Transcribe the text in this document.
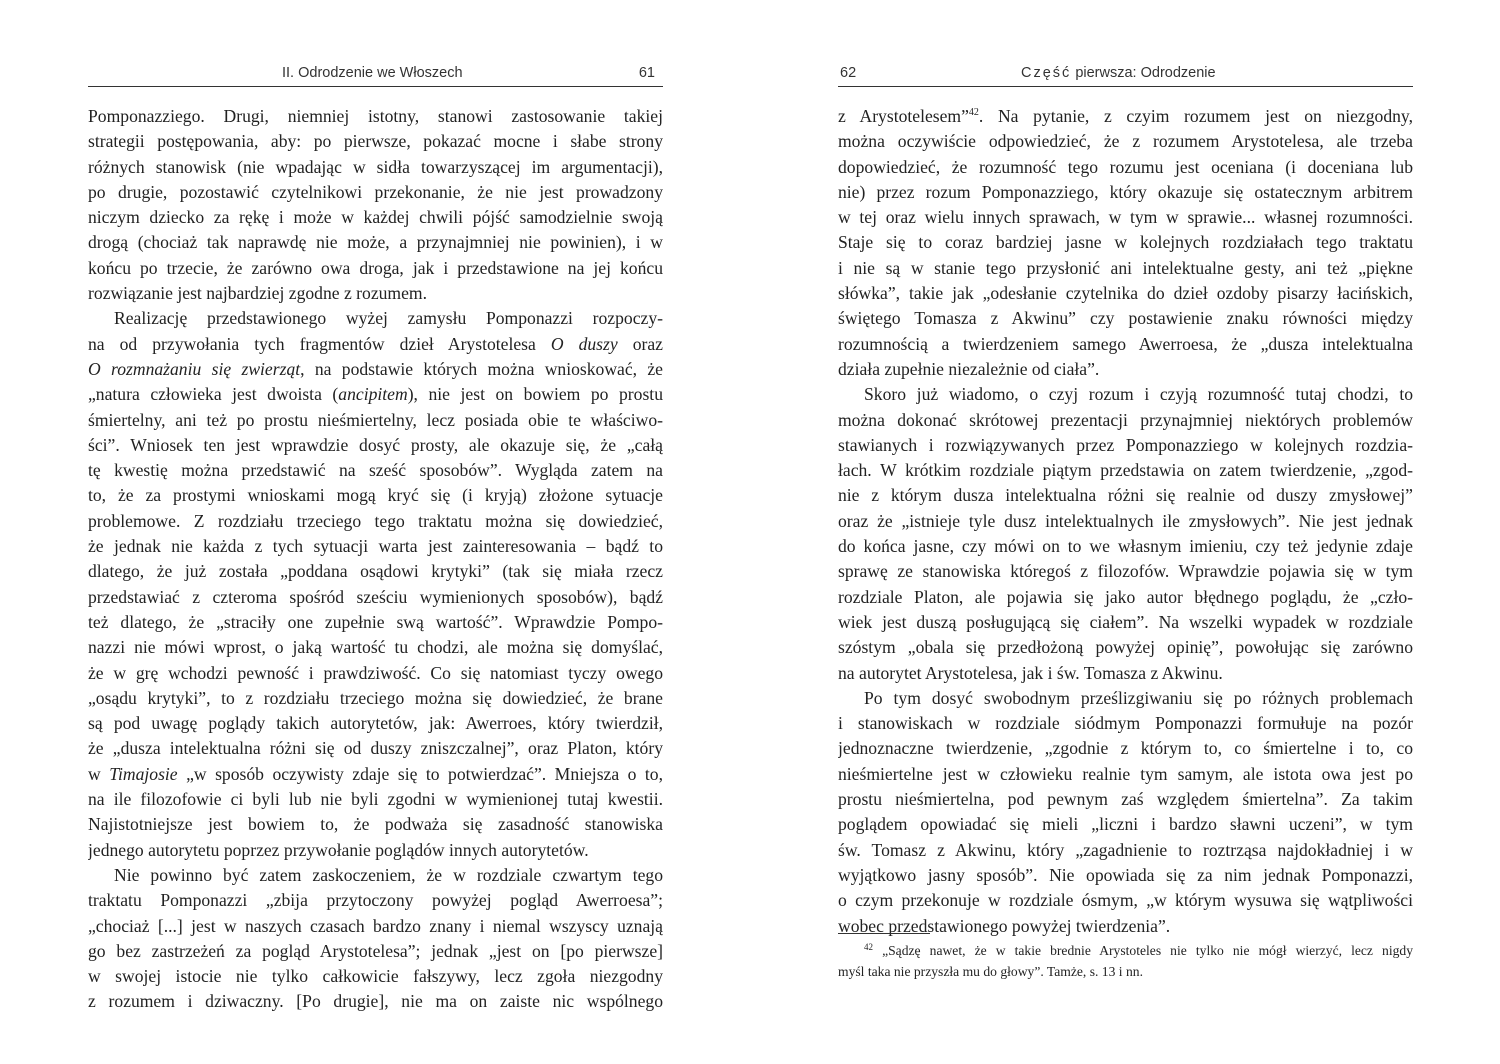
II. Odrodzenie we Włoszech	61
Pomponazziego. Drugi, niemniej istotny, stanowi zastosowanie takiej
strategii postępowania, aby: po pierwsze, pokazać mocne i słabe strony
różnych stanowisk (nie wpadając w sidła towarzyszącej im argumentacji),
po drugie, pozostawić czytelnikowi przekonanie, że nie jest prowadzony
niczym dziecko za rękę i może w każdej chwili pójść samodzielnie swoją
drogą (chociaż tak naprawdę nie może, a przynajmniej nie powinien), i w
końcu po trzecie, że zarówno owa droga, jak i przedstawione na jej końcu
rozwiązanie jest najbardziej zgodne z rozumem.
Realizację przedstawionego wyżej zamysłu Pomponazzi rozpoczy-
na od przywołania tych fragmentów dzieł Arystotelesa O duszy oraz
O rozmnażaniu się zwierząt, na podstawie których można wnioskować, że
„natura człowieka jest dwoista (ancipitem), nie jest on bowiem po prostu
śmiertelny, ani też po prostu nieśmiertelny, lecz posiada obie te właściwo-
ści”. Wniosek ten jest wprawdzie dosyć prosty, ale okazuje się, że „całą
tę kwestię można przedstawić na sześć sposobów”. Wygląda zatem na
to, że za prostymi wnioskami mogą kryć się (i kryją) złożone sytuacje
problemowe. Z rozdziału trzeciego tego traktatu można się dowiedzieć,
że jednak nie każda z tych sytuacji warta jest zainteresowania – bądź to
dlatego, że już została „poddana osądowi krytyki” (tak się miała rzecz
przedstawiać z czteroma spośród sześciu wymienionych sposobów), bądź
też dlatego, że „straciły one zupełnie swą wartość”. Wprawdzie Pompo-
nazzi nie mówi wprost, o jaką wartość tu chodzi, ale można się domyślać,
że w grę wchodzi pewność i prawdziwość. Co się natomiast tyczy owego
„osądu krytyki”, to z rozdziału trzeciego można się dowiedzieć, że brane
są pod uwagę poglądy takich autorytetów, jak: Awerroes, który twierdził,
że „dusza intelektualna różni się od duszy zniszczalnej”, oraz Platon, który
w Timajosie „w sposób oczywisty zdaje się to potwierdzać”. Mniejsza o to,
na ile filozofowie ci byli lub nie byli zgodni w wymienionej tutaj kwestii.
Najistotniejsze jest bowiem to, że podważa się zasadność stanowiska
jednego autorytetu poprzez przywołanie poglądów innych autorytetów.
Nie powinno być zatem zaskoczeniem, że w rozdziale czwartym tego
traktatu Pomponazzi „zbija przytoczony powyżej pogląd Awerroesa”;
„chociaż [...] jest w naszych czasach bardzo znany i niemal wszyscy uznają
go bez zastrzeżeń za pogląd Arystotelesa”; jednak „jest on [po pierwsze]
w swojej istocie nie tylko całkowicie fałszywy, lecz zgoła niezgodny
z rozumem i dziwaczny. [Po drugie], nie ma on zaiste nic wspólnego
62	Część pierwsza: Odrodzenie
z Arystotelesem”$^{42}$. Na pytanie, z czyim rozumem jest on niezgodny,
można oczywiście odpowiedzieć, że z rozumem Arystotelesa, ale trzeba
dopowiedzieć, że rozumność tego rozumu jest oceniana (i doceniana lub
nie) przez rozum Pomponazziego, który okazuje się ostatecznym arbitrem
w tej oraz wielu innych sprawach, w tym w sprawie... własnej rozumności.
Staje się to coraz bardziej jasne w kolejnych rozdziałach tego traktatu
i nie są w stanie tego przysłonić ani intelektualne gesty, ani też „piękne
słówka”, takie jak „odesłanie czytelnika do dzieł ozdoby pisarzy łacińskich,
świętego Tomasza z Akwinu” czy postawienie znaku równości między
rozumnością a twierdzeniem samego Awerroesa, że „dusza intelektualna
działa zupełnie niezależnie od ciała”.
Skoro już wiadomo, o czyj rozum i czyją rozumność tutaj chodzi, to
można dokonać skrótowej prezentacji przynajmniej niektórych problemów
stawianych i rozwiązywanych przez Pomponazziego w kolejnych rozdzia-
łach. W krótkim rozdziale piątym przedstawia on zatem twierdzenie, „zgod-
nie z którym dusza intelektualna różni się realnie od duszy zmysłowej”
oraz że „istnieje tyle dusz intelektualnych ile zmysłowych”. Nie jest jednak
do końca jasne, czy mówi on to we własnym imieniu, czy też jedynie zdaje
sprawę ze stanowiska któregoś z filozofów. Wprawdzie pojawia się w tym
rozdziale Platon, ale pojawia się jako autor błędnego poglądu, że „czło-
wiek jest duszą posługującą się ciałem”. Na wszelki wypadek w rozdziale
szóstym „obala się przedłożoną powyżej opinię”, powołując się zarówno
na autorytet Arystotelesa, jak i św. Tomasza z Akwinu.
Po tym dosyć swobodnym prześlizgiwaniu się po różnych problemach
i stanowiskach w rozdziale siódmym Pomponazzi formułuje na pozór
jednoznaczne twierdzenie, „zgodnie z którym to, co śmiertelne i to, co
nieśmiertelne jest w człowieku realnie tym samym, ale istota owa jest po
prostu nieśmiertelna, pod pewnym zaś względem śmiertelna”. Za takim
poglądem opowiadać się mieli „liczni i bardzo sławni uczeni”, w tym
św. Tomasz z Akwinu, który „zagadnienie to roztrząsa najdokładniej i w
wyjątkowo jasny sposób”. Nie opowiada się za nim jednak Pomponazzi,
o czym przekonuje w rozdziale ósmym, „w którym wysuwa się wątpliwości
wobec przedstawionego powyżej twierdzenia”.
$^{42}$ „Sądzę nawet, że w takie brednie Arystoteles nie tylko nie mógł wierzyć, lecz nigdy
myśl taka nie przyszła mu do głowy”. Tamże, s. 13 i nn.
